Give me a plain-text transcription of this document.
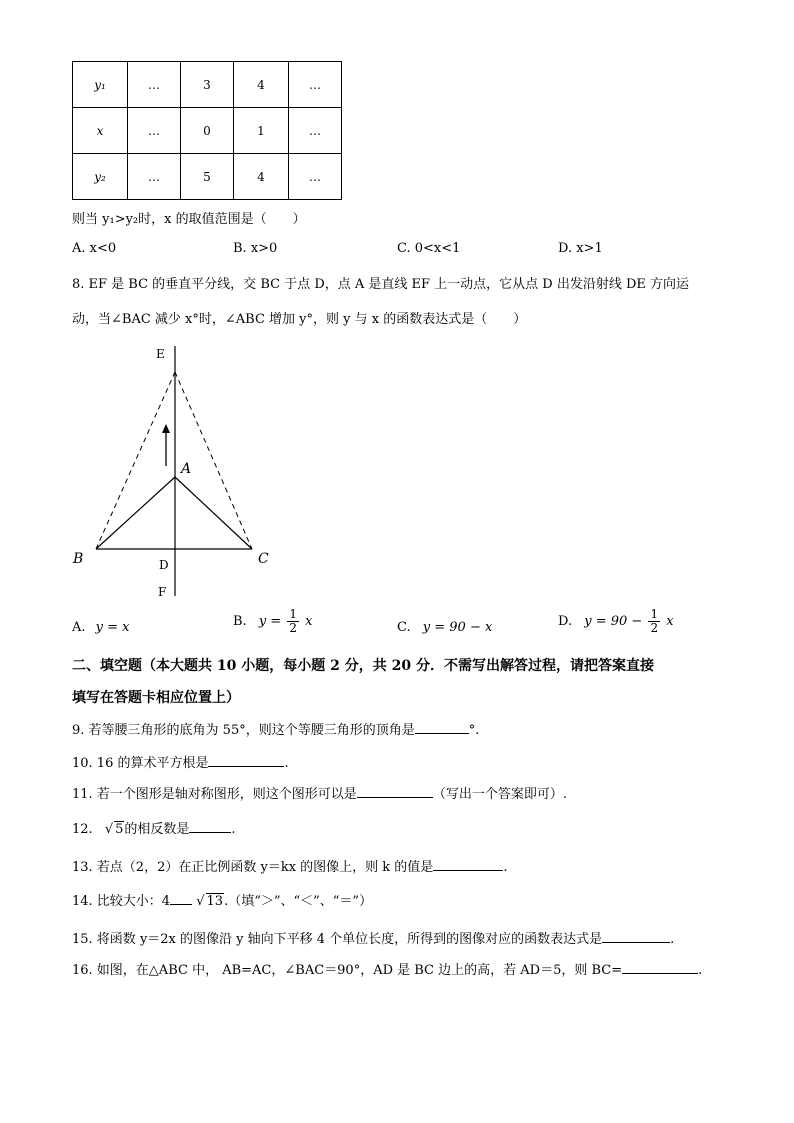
y₁	…	3	4	…
x	…	0	1	…
y₂	…	5	4	…
则当 y₁>y₂时，x 的取值范围是（　　）
A. x<0	B. x>0	C. 0<x<1	D. x>1
8. EF 是 BC 的垂直平分线，交 BC 于点 D，点 A 是直线 EF 上一动点，它从点 D 出发沿射线 DE 方向运
动，当∠BAC 减少 x°时，∠ABC 增加 y°，则 y 与 x 的函数表达式是（　　）
E
A
B	C
D
F
A. y = x	B. $y = \frac{1}{2}$ x	C. y = 90 − x	D. $y = 90 - \frac{1}{2}$ x
二、填空题（本大题共 10 小题，每小题 2 分，共 20 分．不需写出解答过程，请把答案直接
填写在答题卡相应位置上）
9. 若等腰三角形的底角为 55°，则这个等腰三角形的顶角是	°.
10. 16 的算术平方根是	.
11. 若一个图形是轴对称图形，则这个图形可以是	（写出一个答案即可）.
12. √ 5的相反数是	.
13. 若点（2，2）在正比例函数 y＝kx 的图像上，则 k 的值是	.
14. 比较大小：4 √ 13.（填“＞”、“＜”、“＝”）
15. 将函数 y＝2x 的图像沿 y 轴向下平移 4 个单位长度，所得到的图像对应的函数表达式是	.
16. 如图，在△ABC 中， AB=AC，∠BAC＝90°，AD 是 BC 边上的高，若 AD＝5，则 BC=	.
